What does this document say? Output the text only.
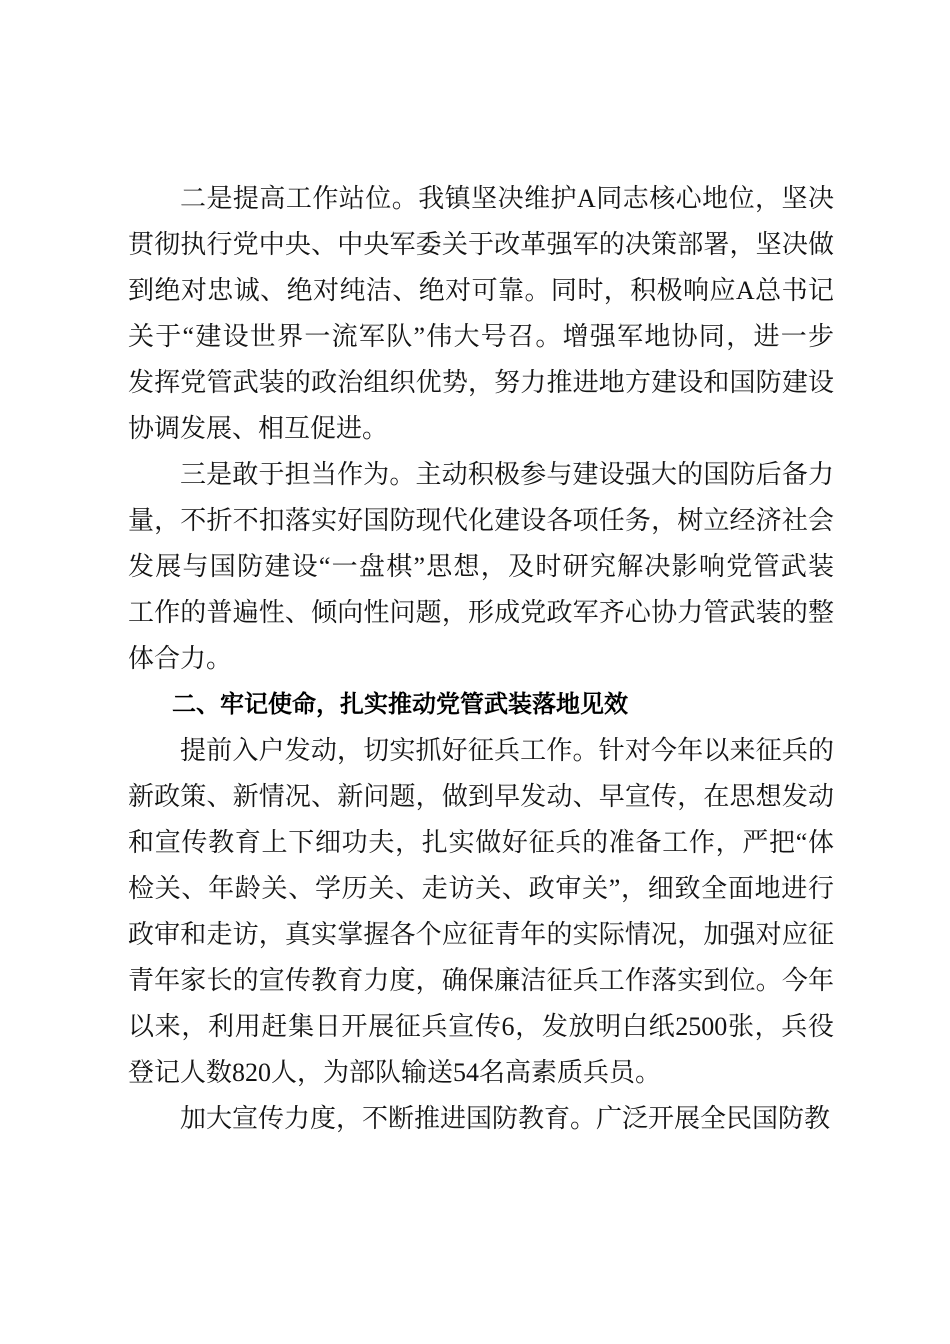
二是提高工作站位。我镇坚决维护A同志核心地位，坚决
贯彻执行党中央、中央军委关于改革强军的决策部署，坚决做
到绝对忠诚、绝对纯洁、绝对可靠。同时，积极响应A总书记
关于“建设世界一流军队”伟大号召。增强军地协同，进一步
发挥党管武装的政治组织优势，努力推进地方建设和国防建设
协调发展、相互促进。
三是敢于担当作为。主动积极参与建设强大的国防后备力
量，不折不扣落实好国防现代化建设各项任务，树立经济社会
发展与国防建设“一盘棋”思想，及时研究解决影响党管武装
工作的普遍性、倾向性问题，形成党政军齐心协力管武装的整
体合力。
二、牢记使命，扎实推动党管武装落地见效
提前入户发动，切实抓好征兵工作。针对今年以来征兵的
新政策、新情况、新问题，做到早发动、早宣传，在思想发动
和宣传教育上下细功夫，扎实做好征兵的准备工作，严把“体
检关、年龄关、学历关、走访关、政审关”，细致全面地进行
政审和走访，真实掌握各个应征青年的实际情况，加强对应征
青年家长的宣传教育力度，确保廉洁征兵工作落实到位。今年
以来，利用赶集日开展征兵宣传6，发放明白纸2500张，兵役
登记人数820人，为部队输送54名高素质兵员。
加大宣传力度，不断推进国防教育。广泛开展全民国防教
